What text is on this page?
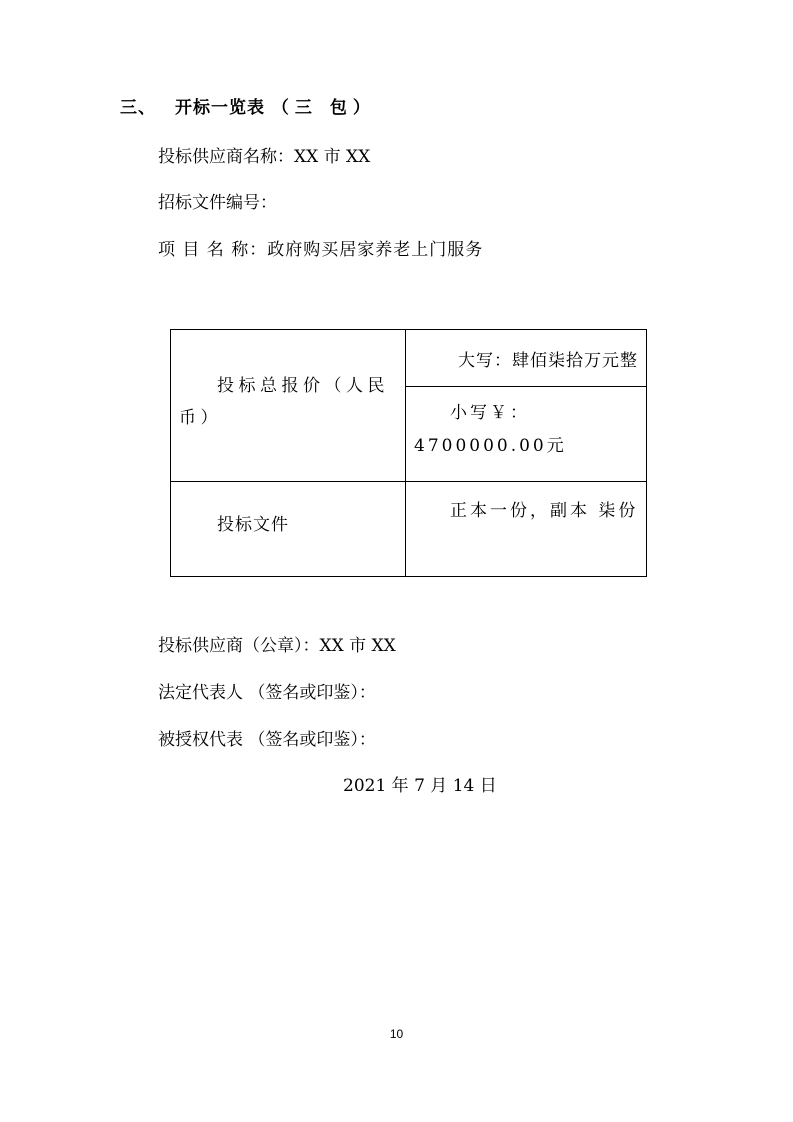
三、 开标一览表 （三 包）
投标供应商名称：XX 市 XX
招标文件编号：
项 目 名 称：政府购买居家养老上门服务
投标总报价（人民币）	大写：肆佰柒拾万元整

	小写￥：4700000.00元

投标文件	正本一份，副本 柒份
投标供应商（公章）：XX 市 XX
法定代表人 （签名或印鉴）：
被授权代表 （签名或印鉴）：
2021 年 7 月 14 日
10
